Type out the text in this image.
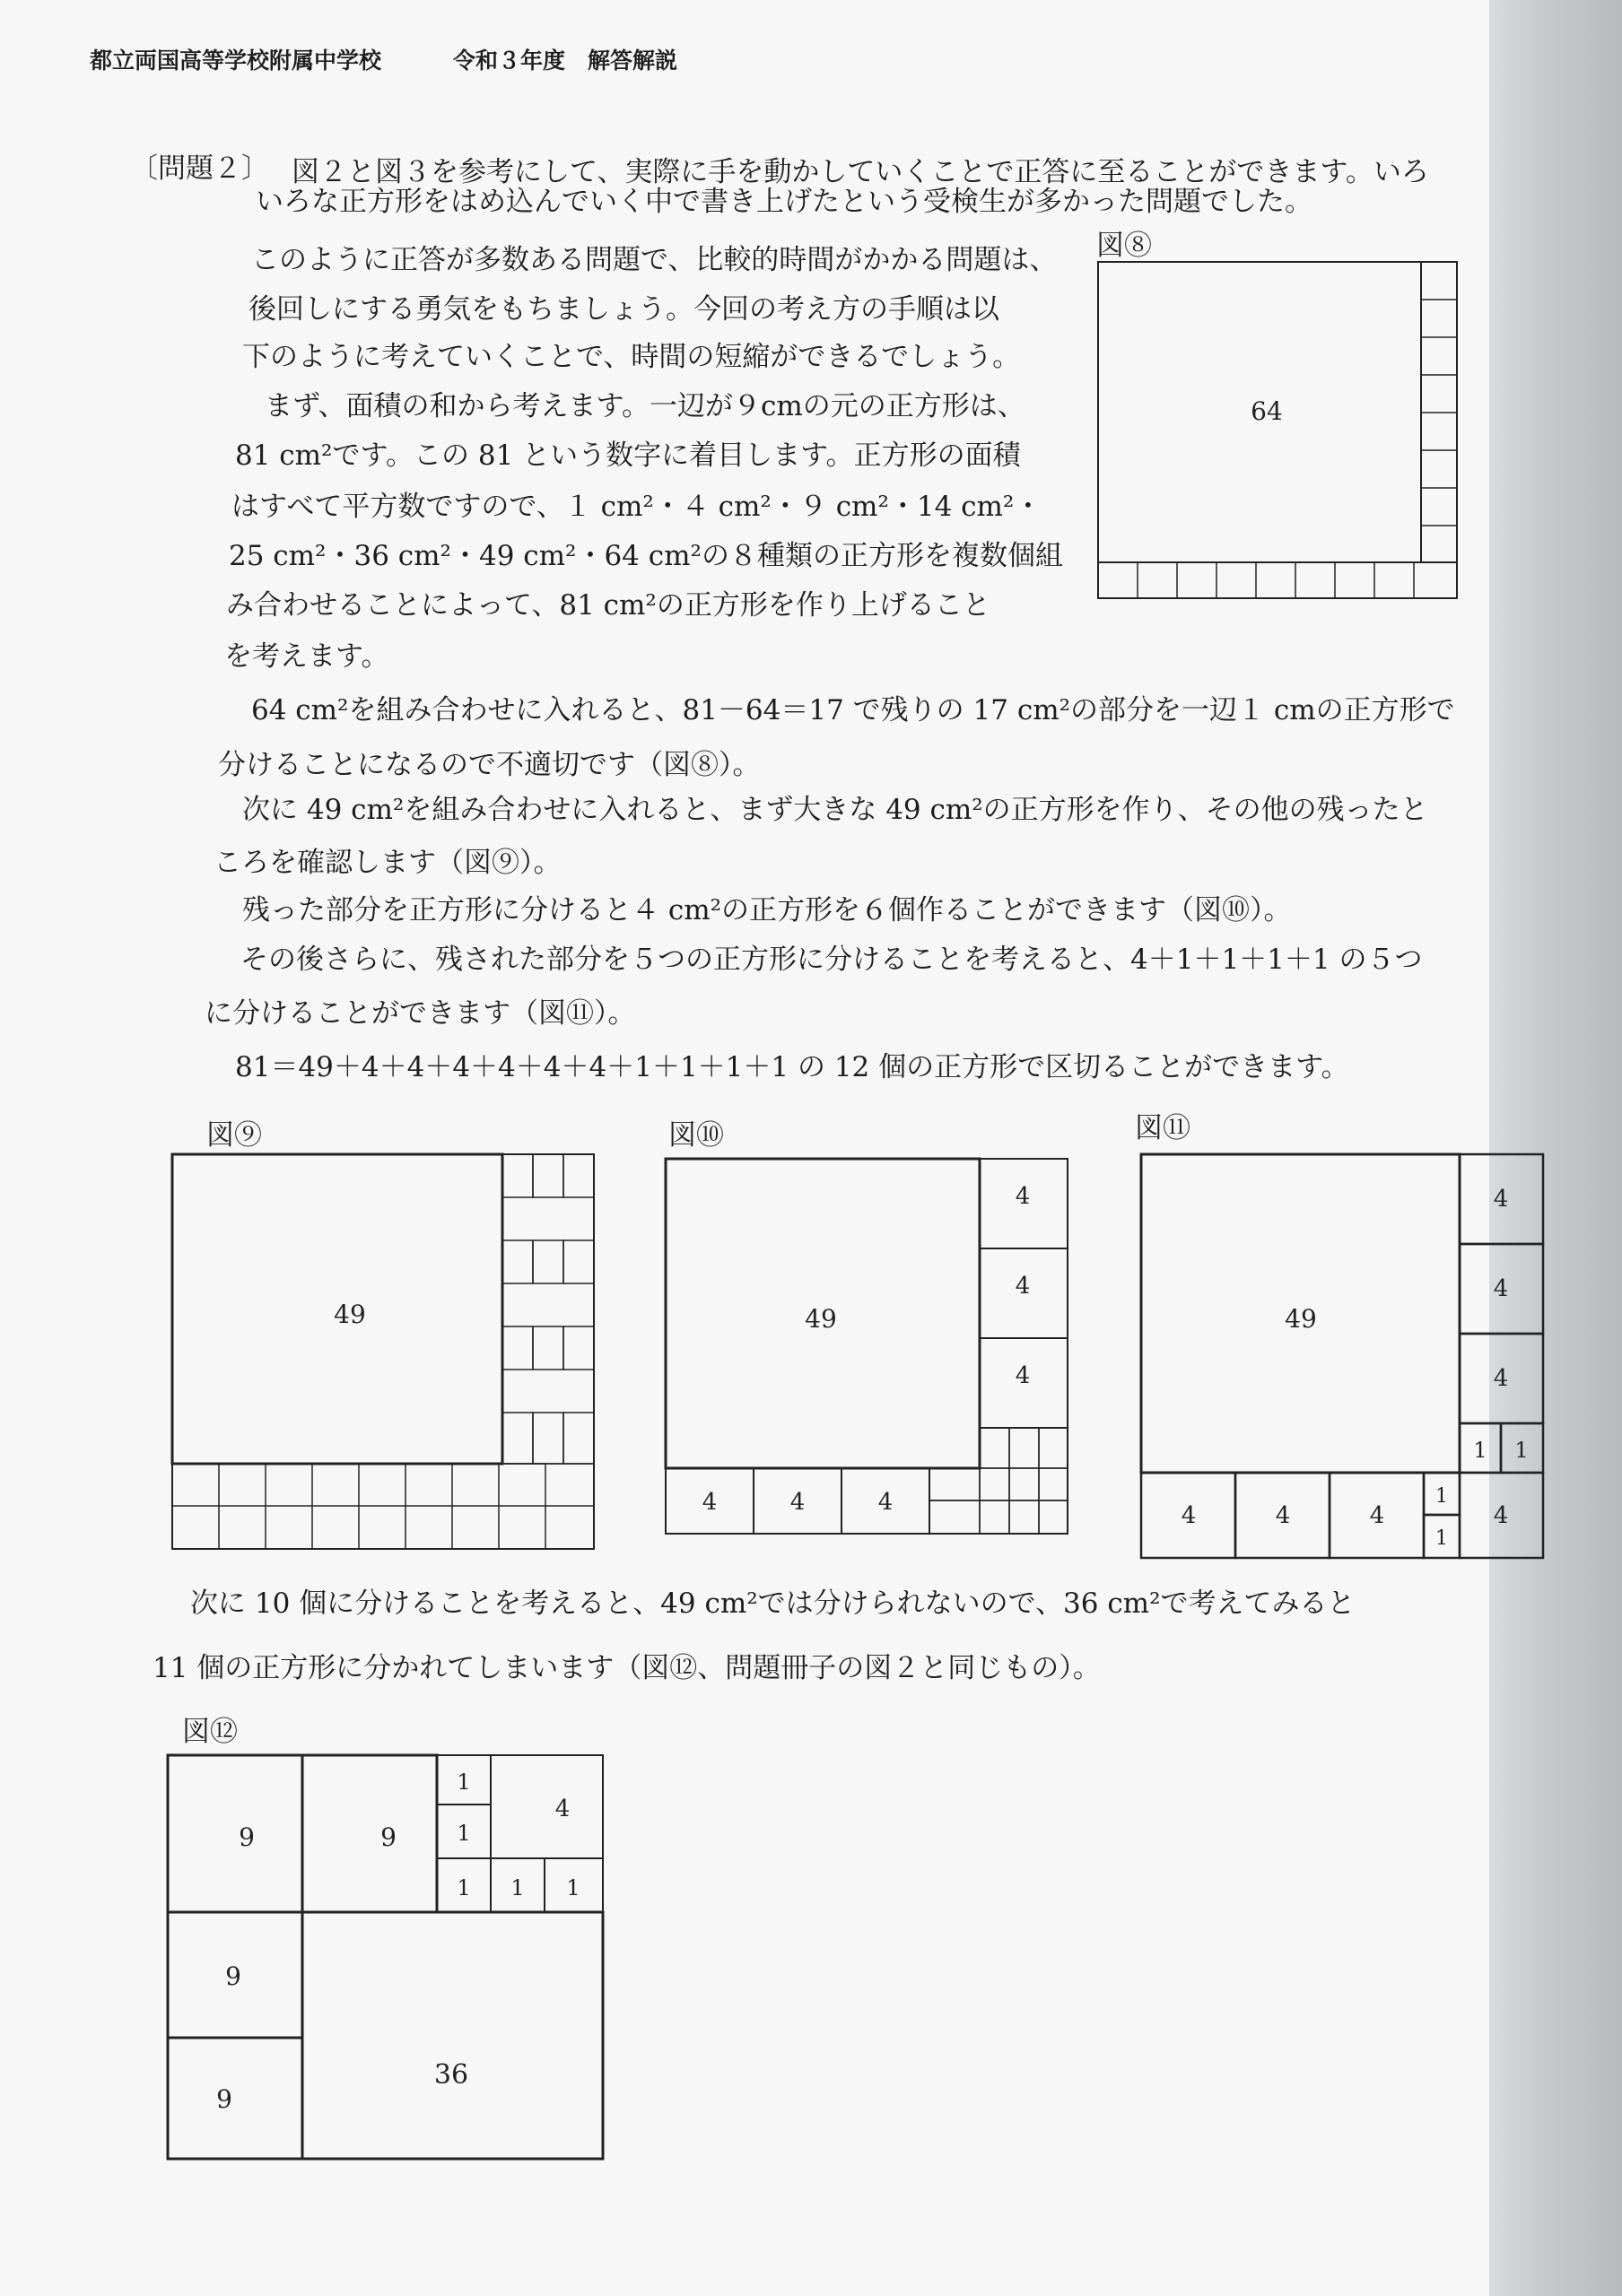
都立両国高等学校附属中学校	令和３年度　解答解説
〔問題２〕 図２と図３を参考にして、実際に手を動かしていくことで正答に至ることができます。いろ
いろな正方形をはめ込んでいく中で書き上げたという受検生が多かった問題でした。
このように正答が多数ある問題で、比較的時間がかかる問題は、
後回しにする勇気をもちましょう。今回の考え方の手順は以
下のように考えていくことで、時間の短縮ができるでしょう。
まず、面積の和から考えます。一辺が９cmの元の正方形は、
81 cm²です。この 81 という数字に着目します。正方形の面積
はすべて平方数ですので、１ cm²・４ cm²・９ cm²・14 cm²・
25 cm²・36 cm²・49 cm²・64 cm²の８種類の正方形を複数個組
み合わせることによって、81 cm²の正方形を作り上げること
を考えます。
64 cm²を組み合わせに入れると、81－64＝17 で残りの 17 cm²の部分を一辺１ cmの正方形で
分けることになるので不適切です（図⑧）。
次に 49 cm²を組み合わせに入れると、まず大きな 49 cm²の正方形を作り、その他の残ったと
ころを確認します（図⑨）。
残った部分を正方形に分けると４ cm²の正方形を６個作ることができます（図⑩）。
その後さらに、残された部分を５つの正方形に分けることを考えると、4＋1＋1＋1＋1 の５つ
に分けることができます（図⑪）。
81＝49＋4＋4＋4＋4＋4＋4＋1＋1＋1＋1 の 12 個の正方形で区切ることができます。
次に 10 個に分けることを考えると、49 cm²では分けられないので、36 cm²で考えてみると
11 個の正方形に分かれてしまいます（図⑫、問題冊子の図２と同じもの）。
図⑧
図⑨	図⑩	図⑪
図⑫
64
49	49
4
4
4
4	4	4
49
4
4
4
1 1
4	4	4
1
1
4
9	9
9
9
36
4
1
1
1 1 1
